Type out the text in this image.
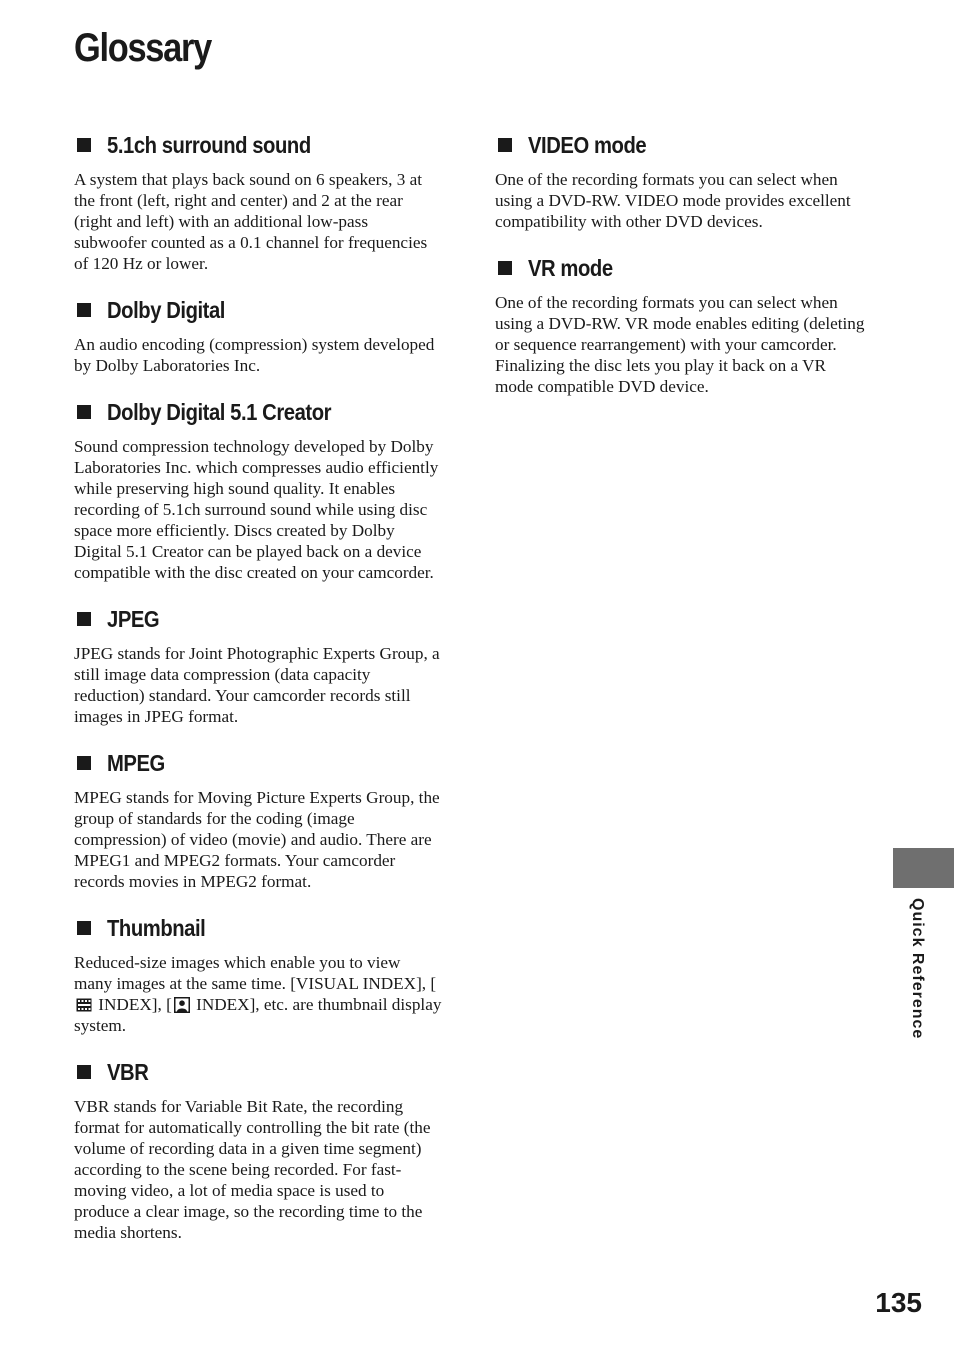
Glossary
5.1ch surround sound

A system that plays back sound on 6 speakers, 3 at the front (left, right and center) and 2 at the rear (right and left) with an additional low-pass subwoofer counted as a 0.1 channel for frequencies of 120 Hz or lower.

Dolby Digital

An audio encoding (compression) system developed by Dolby Laboratories Inc.

Dolby Digital 5.1 Creator

Sound compression technology developed by Dolby Laboratories Inc. which compresses audio efficiently while preserving high sound quality. It enables recording of 5.1ch surround sound while using disc space more efficiently. Discs created by Dolby Digital 5.1 Creator can be played back on a device compatible with the disc created on your camcorder.

JPEG

JPEG stands for Joint Photographic Experts Group, a still image data compression (data capacity reduction) standard. Your camcorder records still images in JPEG format.

MPEG

MPEG stands for Moving Picture Experts Group, the group of standards for the coding (image compression) of video (movie) and audio. There are MPEG1 and MPEG2 formats. Your camcorder records movies in MPEG2 format.

Thumbnail

Reduced-size images which enable you to view many images at the same time. [VISUAL INDEX], [
INDEX], [
INDEX], etc. are thumbnail display system.

VBR

VBR stands for Variable Bit Rate, the recording format for automatically controlling the bit rate (the volume of recording data in a given time segment) according to the scene being recorded. For fast-moving video, a lot of media space is used to produce a clear image, so the recording time to the media shortens.

VIDEO mode

One of the recording formats you can select when using a DVD-RW. VIDEO mode provides excellent compatibility with other DVD devices.

VR mode

One of the recording formats you can select when using a DVD-RW. VR mode enables editing (deleting or sequence rearrangement) with your camcorder. Finalizing the disc lets you play it back on a VR mode compatible DVD device.

Quick Reference
135
